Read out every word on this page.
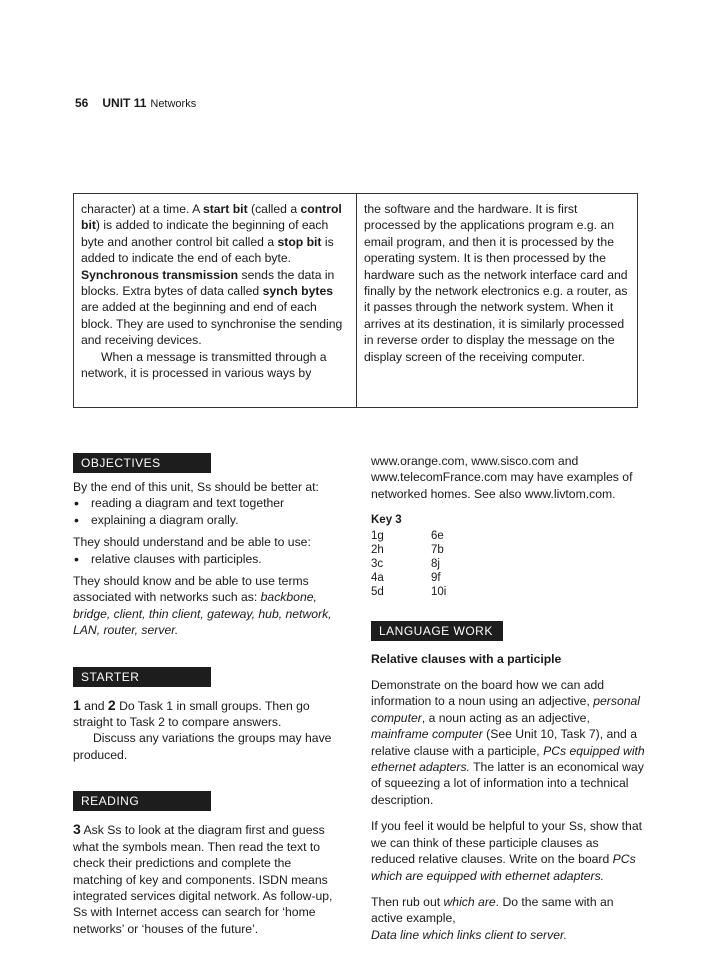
56 UNIT 11 Networks

character) at a time. A start bit (called a control bit) is added to indicate the beginning of each byte and another control bit called a stop bit is added to indicate the end of each byte. Synchronous transmission sends the data in blocks. Extra bytes of data called synch bytes are added at the beginning and end of each block. They are used to synchronise the sending and receiving devices.

When a message is transmitted through a network, it is processed in various ways by

the software and the hardware. It is first processed by the applications program e.g. an email program, and then it is processed by the operating system. It is then processed by the hardware such as the network interface card and finally by the network electronics e.g. a router, as it passes through the network system. When it arrives at its destination, it is similarly processed in reverse order to display the message on the display screen of the receiving computer.

OBJECTIVES

By the end of this unit, Ss should be better at:

• reading a diagram and text together
• explaining a diagram orally.

They should understand and be able to use:

• relative clauses with participles.

They should know and be able to use terms associated with networks such as: backbone, bridge, client, thin client, gateway, hub, network, LAN, router, server.

STARTER

1 and 2 Do Task 1 in small groups. Then go straight to Task 2 to compare answers.

Discuss any variations the groups may have produced.

READING

3 Ask Ss to look at the diagram first and guess what the symbols mean. Then read the text to check their predictions and complete the matching of key and components. ISDN means integrated services digital network. As follow-up, Ss with Internet access can search for ‘home networks’ or ‘houses of the future’.

www.orange.com, www.sisco.com and www.telecomFrance.com may have examples of networked homes. See also www.livtom.com.

Key 3
1g	6e
2h	7b
3c	8j
4a	9f
5d	10i
LANGUAGE WORK

Relative clauses with a participle

Demonstrate on the board how we can add information to a noun using an adjective, personal computer, a noun acting as an adjective, mainframe computer (See Unit 10, Task 7), and a relative clause with a participle, PCs equipped with ethernet adapters. The latter is an economical way of squeezing a lot of information into a technical description.

If you feel it would be helpful to your Ss, show that we can think of these participle clauses as reduced relative clauses. Write on the board PCs which are equipped with ethernet adapters.

Then rub out which are. Do the same with an active example,
Data line which links client to server.
